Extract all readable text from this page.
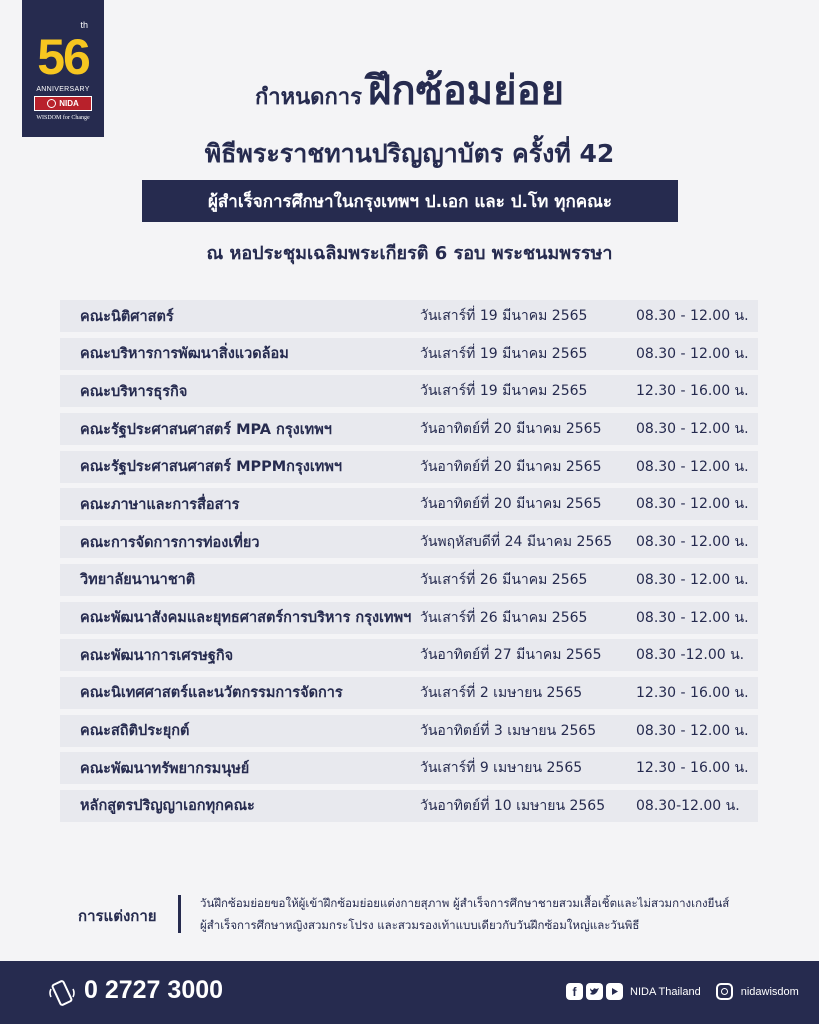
th
56
ANNIVERSARY
NIDA
WISDOM for Change
กำหนดการ ฝึกซ้อมย่อย
พิธีพระราชทานปริญญาบัตร ครั้งที่ 42
ผู้สำเร็จการศึกษาในกรุงเทพฯ ป.เอก และ ป.โท ทุกคณะ
ณ หอประชุมเฉลิมพระเกียรติ 6 รอบ พระชนมพรรษา
คณะนิติศาสตร์	วันเสาร์ที่ 19 มีนาคม 2565	08.30 - 12.00 น.
คณะบริหารการพัฒนาสิ่งแวดล้อม	วันเสาร์ที่ 19 มีนาคม 2565	08.30 - 12.00 น.
คณะบริหารธุรกิจ	วันเสาร์ที่ 19 มีนาคม 2565	12.30 - 16.00 น.
คณะรัฐประศาสนศาสตร์ MPA กรุงเทพฯ	วันอาทิตย์ที่ 20 มีนาคม 2565	08.30 - 12.00 น.
คณะรัฐประศาสนศาสตร์ MPPMกรุงเทพฯ	วันอาทิตย์ที่ 20 มีนาคม 2565	08.30 - 12.00 น.
คณะภาษาและการสื่อสาร	วันอาทิตย์ที่ 20 มีนาคม 2565	08.30 - 12.00 น.
คณะการจัดการการท่องเที่ยว	วันพฤหัสบดีที่ 24 มีนาคม 2565	08.30 - 12.00 น.
วิทยาลัยนานาชาติ	วันเสาร์ที่ 26 มีนาคม 2565	08.30 - 12.00 น.
คณะพัฒนาสังคมและยุทธศาสตร์การบริหาร กรุงเทพฯ วันเสาร์ที่ 26 มีนาคม 2565	08.30 - 12.00 น.
คณะพัฒนาการเศรษฐกิจ	วันอาทิตย์ที่ 27 มีนาคม 2565	08.30 -12.00 น.
คณะนิเทศศาสตร์และนวัตกรรมการจัดการ	วันเสาร์ที่ 2 เมษายน 2565	12.30 - 16.00 น.
คณะสถิติประยุกต์	วันอาทิตย์ที่ 3 เมษายน 2565	08.30 - 12.00 น.
คณะพัฒนาทรัพยากรมนุษย์	วันเสาร์ที่ 9 เมษายน 2565	12.30 - 16.00 น.
หลักสูตรปริญญาเอกทุกคณะ	วันอาทิตย์ที่ 10 เมษายน 2565	08.30-12.00 น.
การแต่งกาย
วันฝึกซ้อมย่อยขอให้ผู้เข้าฝึกซ้อมย่อยแต่งกายสุภาพ ผู้สำเร็จการศึกษาชายสวมเสื้อเชิ้ตและไม่สวมกางเกงยีนส์
ผู้สำเร็จการศึกษาหญิงสวมกระโปรง และสวมรองเท้าแบบเดียวกับวันฝึกซ้อมใหญ่และวันพิธี
0 2727 3000	f	NIDA Thailand	nidawisdom
